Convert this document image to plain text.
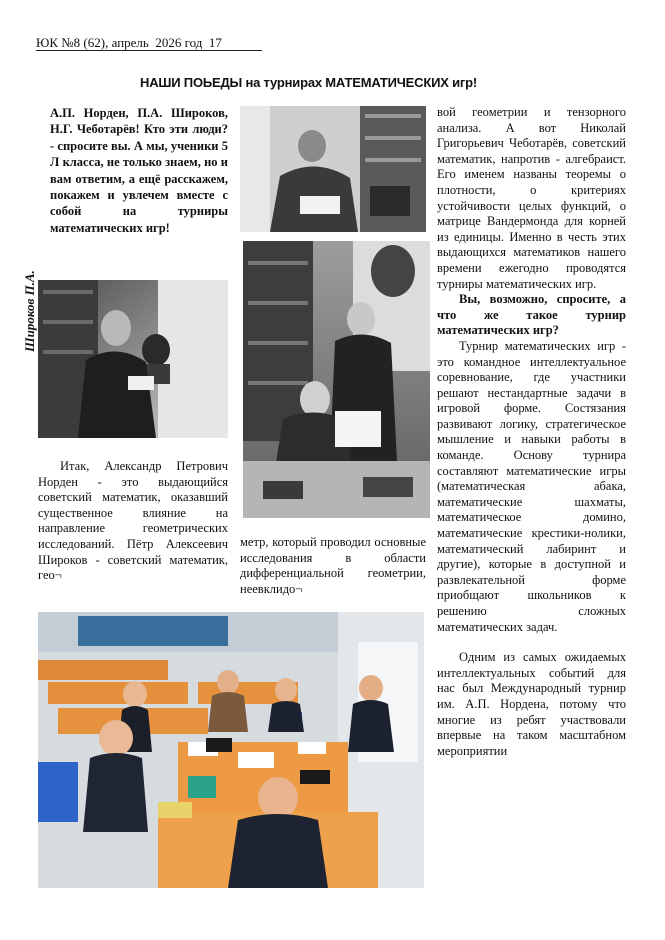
ЮК №8 (62), апрель  2026 год  17
НАШИ ПОЬЕДЫ на турнирах МАТЕМАТИЧЕСКИХ игр!
А.П. Норден, П.А. Широков, Н.Г. Чеботарёв! Кто эти люди? - спросите вы. А мы, ученики 5 Л класса, не только знаем, но и вам ответим, а ещё расскажем, покажем и увлечем вместе с собой на турниры математических игр!
Широков П.А.
Итак, Александр Петрович Норден - это выдающийся советский математик, оказавший существенное влияние на направление геометрических исследований. Пётр Алексеевич Широков - советский математик, гео¬
метр, который проводил основные исследования в области дифференциальной геометрии, неевклидо¬

вой геометрии и тензорного анализа. А вот Николай Григорьевич Чеботарёв, советский математик, напротив - алгебраист. Его именем названы теоремы о плотности, о критериях устойчивости целых функций, о матрице Вандермонда для корней из единицы. Именно в честь этих выдающихся математиков нашего времени ежегодно проводятся турниры математических игр.

Вы, возможно, спросите, а что же такое турнир математических игр?

Турнир математических игр - это командное интеллектуальное соревнование, где участники решают нестандартные задачи в игровой форме. Состязания развивают логику, стратегическое мышление и навыки работы в команде. Основу турнира составляют математические игры (математическая абака, математические шахматы, математическое домино, математические крестики-нолики, математический лабиринт и другие), которые в доступной и развлекательной форме приобщают школьников к решению сложных математических задач.

Одним из самых ожидаемых интеллектуальных событий для нас был Международный турнир им. А.П. Нордена, потому что многие из ребят участвовали впервые на таком масштабном мероприятии
